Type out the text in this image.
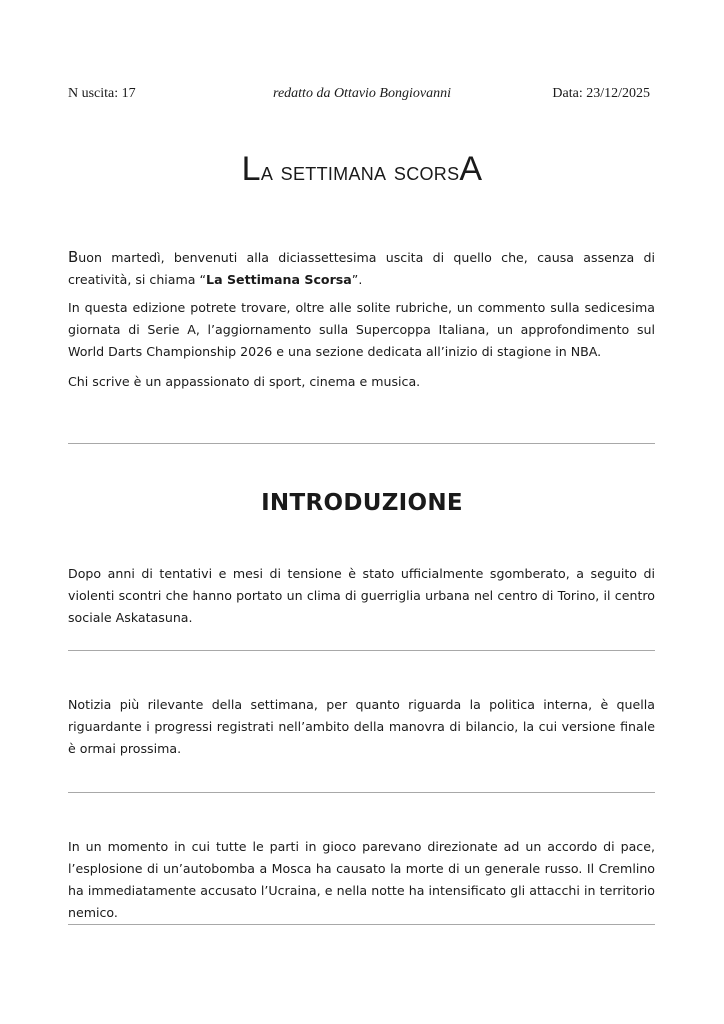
N uscita: 17	redatto da Ottavio Bongiovanni	Data: 23/12/2025
La settimana scorsA
Buon martedì, benvenuti alla diciassettesima uscita di quello che, causa assenza di creatività, si chiama “La Settimana Scorsa”.
In questa edizione potrete trovare, oltre alle solite rubriche, un commento sulla sedicesima giornata di Serie A, l’aggiornamento sulla Supercoppa Italiana, un approfondimento sul World Darts Championship 2026 e una sezione dedicata all’inizio di stagione in NBA.
Chi scrive è un appassionato di sport, cinema e musica.
INTRODUZIONE
Dopo anni di tentativi e mesi di tensione è stato ufficialmente sgomberato, a seguito di violenti scontri che hanno portato un clima di guerriglia urbana nel centro di Torino, il centro sociale Askatasuna.
Notizia più rilevante della settimana, per quanto riguarda la politica interna, è quella riguardante i progressi registrati nell’ambito della manovra di bilancio, la cui versione finale è ormai prossima.
In un momento in cui tutte le parti in gioco parevano direzionate ad un accordo di pace, l’esplosione di un’autobomba a Mosca ha causato la morte di un generale russo. Il Cremlino ha immediatamente accusato l’Ucraina, e nella notte ha intensificato gli attacchi in territorio nemico.
